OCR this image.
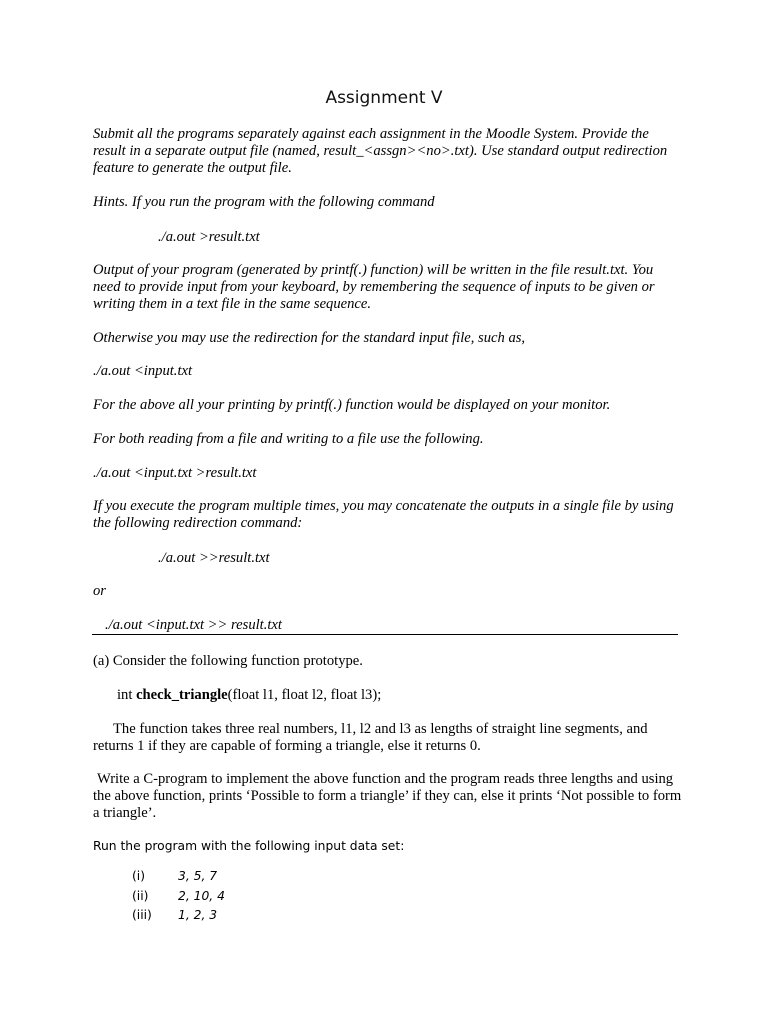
Assignment V
Submit all the programs separately against each assignment in the Moodle System. Provide the result in a separate output file (named, result_<assgn><no>.txt). Use standard output redirection feature to generate the output file.
Hints. If you run the program with the following command
./a.out >result.txt
Output of your program (generated by printf(.) function) will be written in the file result.txt. You need to provide input from your keyboard, by remembering the sequence of inputs to be given or writing them in a text file in the same sequence.
Otherwise you may use the redirection for the standard input file, such as,
./a.out <input.txt
For the above all your printing by printf(.) function would be displayed on your monitor.
For both reading from a file and writing to a file use the following.
./a.out <input.txt >result.txt
If you execute the program multiple times, you may concatenate the outputs in a single file by using the following redirection command:
./a.out >>result.txt
or
./a.out <input.txt >> result.txt
(a) Consider the following function prototype.
int check_triangle(float l1, float l2, float l3);
The function takes three real numbers, l1, l2 and l3 as lengths of straight line segments, and returns 1 if they are capable of forming a triangle, else it returns 0.
Write a C-program to implement the above function and the program reads three lengths and using the above function, prints ‘Possible to form a triangle’ if they can, else it prints ‘Not possible to form a triangle’.
Run the program with the following input data set:
(i)	3, 5, 7
(ii) 2, 10, 4
(iii) 1, 2, 3
